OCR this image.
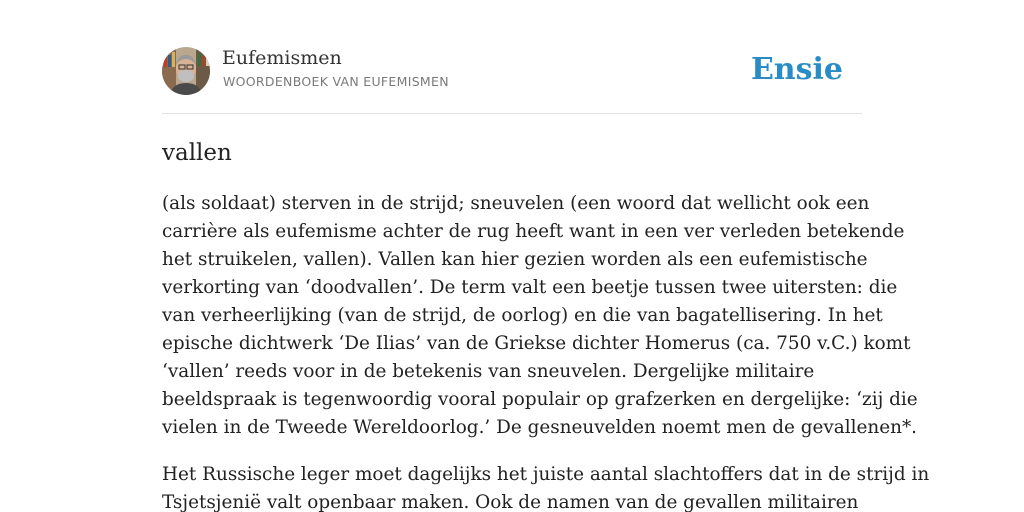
Eufemismen
WOORDENBOEK VAN EUFEMISMEN	Ensie
vallen
(als soldaat) sterven in de strijd; sneuvelen (een woord dat wellicht ook een
carrière als eufemisme achter de rug heeft want in een ver verleden betekende
het struikelen, vallen). Vallen kan hier gezien worden als een eufemistische
verkorting van ‘doodvallen’. De term valt een beetje tussen twee uitersten: die
van verheerlijking (van de strijd, de oorlog) en die van bagatellisering. In het
epische dichtwerk ‘De Ilias’ van de Griekse dichter Homerus (ca. 750 v.C.) komt
‘vallen’ reeds voor in de betekenis van sneuvelen. Dergelijke militaire
beeldspraak is tegenwoordig vooral populair op grafzerken en dergelijke: ‘zij die
vielen in de Tweede Wereldoorlog.’ De gesneuvelden noemt men de gevallenen*.
Het Russische leger moet dagelijks het juiste aantal slachtoffers dat in de strijd in
Tsjetsjenië valt openbaar maken. Ook de namen van de gevallen militairen
